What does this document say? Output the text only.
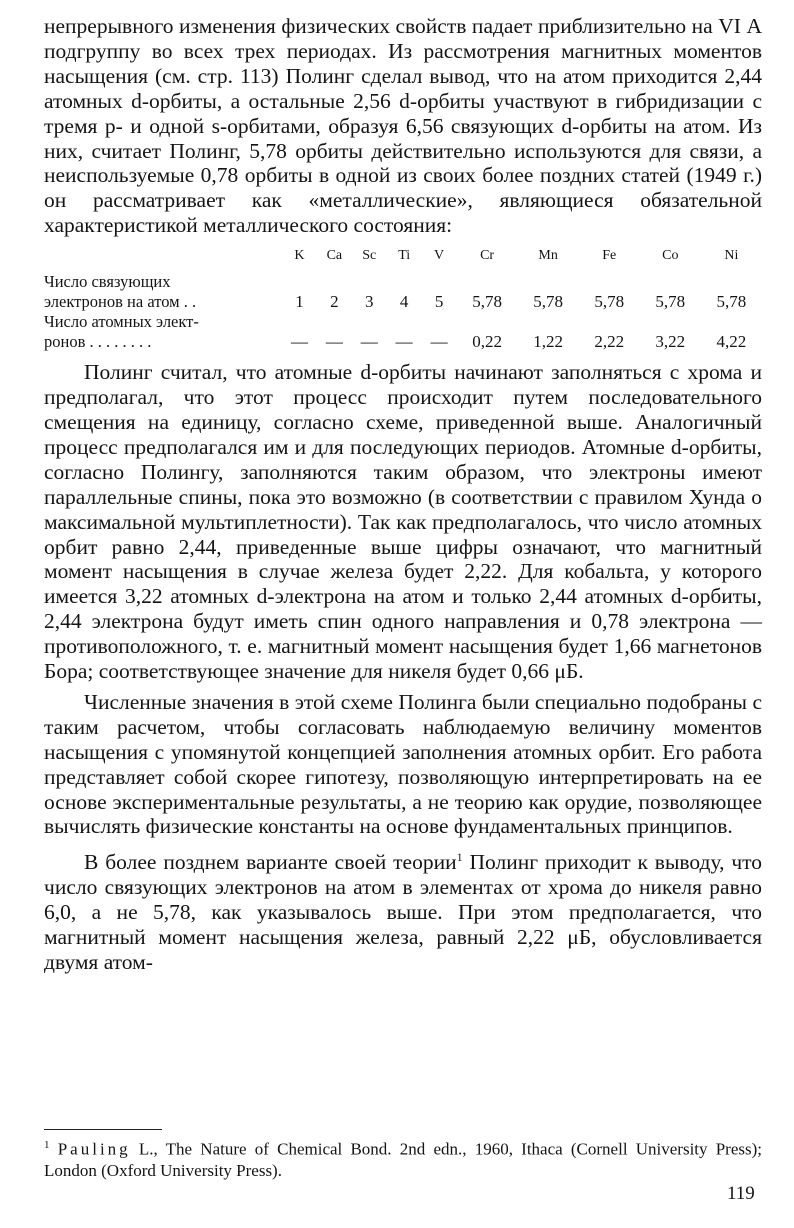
непрерывного изменения физических свойств падает приблизительно на VI А подгруппу во всех трех периодах. Из рассмотрения магнитных моментов насыщения (см. стр. 113) Полинг сделал вывод, что на атом приходится 2,44 атомных d-орбиты, а остальные 2,56 d-орбиты участвуют в гибридизации с тремя p- и одной s-орбитами, образуя 6,56 связующих d-орбиты на атом. Из них, считает Полинг, 5,78 орбиты действительно используются для связи, а неиспользуемые 0,78 орбиты в одной из своих более поздних статей (1949 г.) он рассматривает как «металлические», являющиеся обязательной характеристикой металлического состояния:

	K	Ca	Sc	Ti	V	Cr	Mn	Fe	Co	Ni
Число связующих										
электронов на атом . .	1	2	3	4	5	5,78	5,78	5,78	5,78	5,78
Число атомных элект-										
ронов . . . . . . . .	—	—	—	—	—	0,22	1,22	2,22	3,22	4,22

Полинг считал, что атомные d-орбиты начинают заполняться с хрома и предполагал, что этот процесс происходит путем последовательного смещения на единицу, согласно схеме, приведенной выше. Аналогичный процесс предполагался им и для последующих периодов. Атомные d-орбиты, согласно Полингу, заполняются таким образом, что электроны имеют параллельные спины, пока это возможно (в соответствии с правилом Хунда о максимальной мультиплетности). Так как предполагалось, что число атомных орбит равно 2,44, приведенные выше цифры означают, что магнитный момент насыщения в случае железа будет 2,22. Для кобальта, у которого имеется 3,22 атомных d-электрона на атом и только 2,44 атомных d-орбиты, 2,44 электрона будут иметь спин одного направления и 0,78 электрона — противоположного, т. е. магнитный момент насыщения будет 1,66 магнетонов Бора; соответствующее значение для никеля будет 0,66 μБ.

Численные значения в этой схеме Полинга были специально подобраны с таким расчетом, чтобы согласовать наблюдаемую величину моментов насыщения с упомянутой концепцией заполнения атомных орбит. Его работа представляет собой скорее гипотезу, позволяющую интерпретировать на ее основе экспериментальные результаты, а не теорию как орудие, позволяющее вычислять физические константы на основе фундаментальных принципов.

В более позднем варианте своей теории$^1$ Полинг приходит к выводу, что число связующих электронов на атом в элементах от хрома до никеля равно 6,0, а не 5,78, как указывалось выше. При этом предполагается, что магнитный момент насыщения железа, равный 2,22 μБ, обусловливается двумя атом-

$^1$ Pauling L., The Nature of Chemical Bond. 2nd edn., 1960, Ithaca (Cornell University Press); London (Oxford University Press).

119
